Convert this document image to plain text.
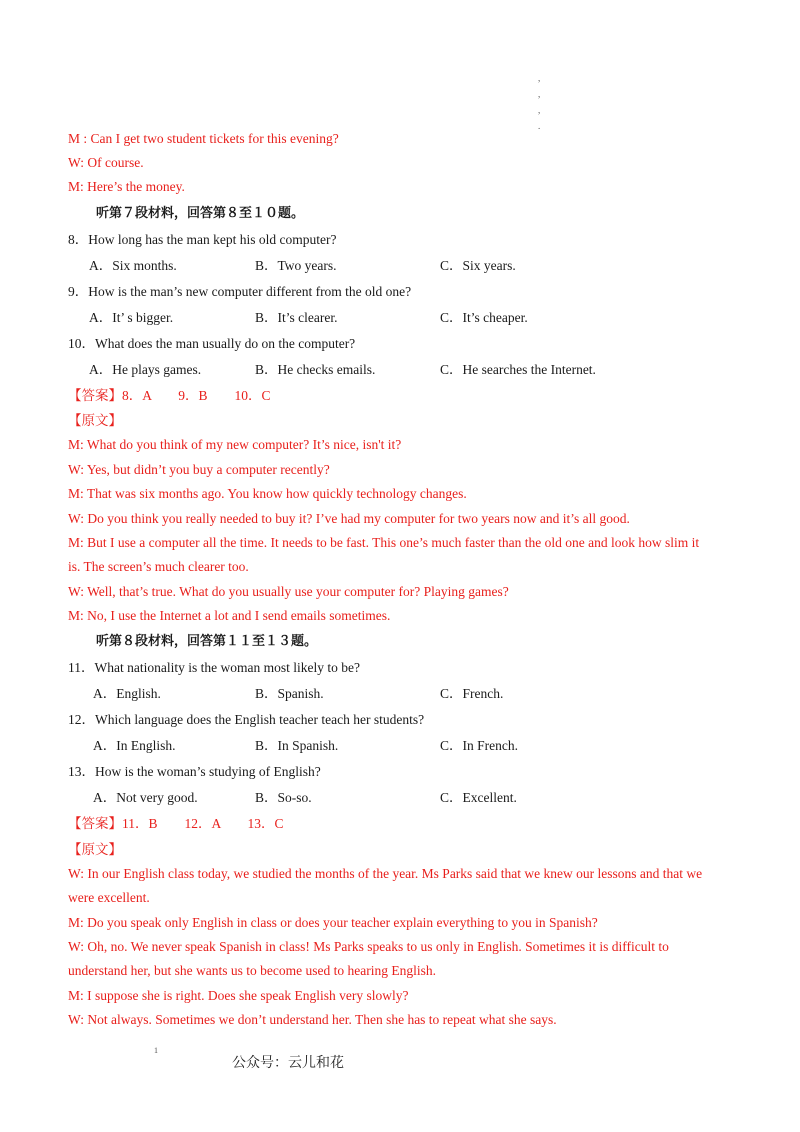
,
,
,
.
M : Can I get two student tickets for this evening?
W: Of course.
M: Here’s the money.
听第７段材料，回答第８至１０题。
8．How long has the man kept his old computer?
A．Six months.	B．Two years.	C．Six years.
9．How is the man’s new computer different from the old one?
A．It’ s bigger.	B．It’s clearer.	C．It’s cheaper.
10．What does the man usually do on the computer?
A．He plays games.	B．He checks emails.	C．He searches the Internet.
【答案】8．A　　9．B　　10．C
【原文】
M: What do you think of my new computer? It’s nice, isn't it?
W: Yes, but didn’t you buy a computer recently?
M: That was six months ago. You know how quickly technology changes.
W: Do you think you really needed to buy it? I’ve had my computer for two years now and it’s all good.
M: But I use a computer all the time. It needs to be fast. This one’s much faster than the old one and look how slim it
is. The screen’s much clearer too.
W: Well, that’s true. What do you usually use your computer for? Playing games?
M: No, I use the Internet a lot and I send emails sometimes.
听第８段材料，回答第１１至１３题。
11．What nationality is the woman most likely to be?
A．English.	B．Spanish.	C．French.
12．Which language does the English teacher teach her students?
A．In English.	B．In Spanish.	C．In French.
13．How is the woman’s studying of English?
A．Not very good.	B．So-so.	C．Excellent.
【答案】11．B　　12．A　　13．C
【原文】
W: In our English class today, we studied the months of the year. Ms Parks said that we knew our lessons and that we
were excellent.
M: Do you speak only English in class or does your teacher explain everything to you in Spanish?
W: Oh, no. We never speak Spanish in class! Ms Parks speaks to us only in English. Sometimes it is difficult to
understand her, but she wants us to become used to hearing English.
M: I suppose she is right. Does she speak English very slowly?
W: Not always. Sometimes we don’t understand her. Then she has to repeat what she says.
1
公众号：云儿和花
